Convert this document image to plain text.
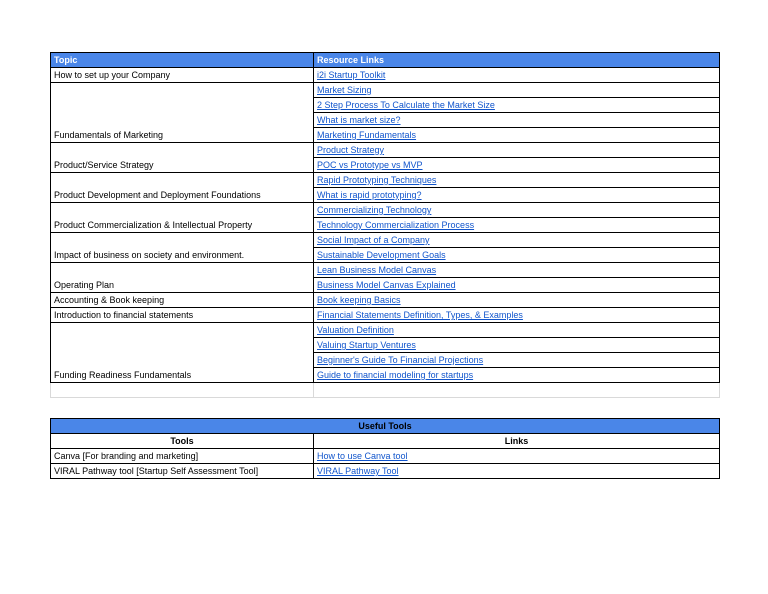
Topic	Resource Links
How to set up your Company	i2i Startup Toolkit
	Market Sizing
	2 Step Process To Calculate the Market Size
	What is market size?
Fundamentals of Marketing	Marketing Fundamentals
	Product Strategy
Product/Service Strategy	POC vs Prototype vs MVP
	Rapid Prototyping Techniques
Product Development and Deployment Foundations	What is rapid prototyping?
	Commercializing Technology
Product Commercialization & Intellectual Property	Technology Commercialization Process
	Social Impact of a Company
Impact of business on society and environment.	Sustainable Development Goals
	Lean Business Model Canvas
Operating Plan	Business Model Canvas Explained
Accounting & Book keeping	Book keeping Basics
Introduction to financial statements	Financial Statements Definition, Types, & Examples
	Valuation Definition
	Valuing Startup Ventures
	Beginner's Guide To Financial Projections
Funding Readiness Fundamentals	Guide to financial modeling for startups

Useful Tools	
Tools	Links
Canva [For branding and marketing]	How to use Canva tool
VIRAL Pathway tool [Startup Self Assessment Tool]	VIRAL Pathway Tool
